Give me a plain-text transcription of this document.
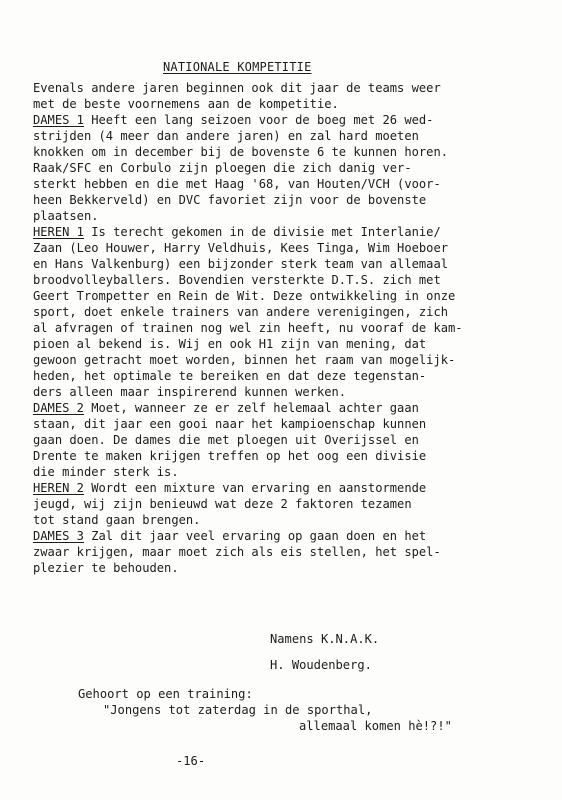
NATIONALE KOMPETITIE
Evenals andere jaren beginnen ook dit jaar de teams weer
met de beste voornemens aan de kompetitie.
DAMES 1 Heeft een lang seizoen voor de boeg met 26 wed-
strijden (4 meer dan andere jaren) en zal hard moeten
knokken om in december bij de bovenste 6 te kunnen horen.
Raak/SFC en Corbulo zijn ploegen die zich danig ver-
sterkt hebben en die met Haag '68, van Houten/VCH (voor-
heen Bekkerveld) en DVC favoriet zijn voor de bovenste
plaatsen.
HEREN 1 Is terecht gekomen in de divisie met Interlanie/
Zaan (Leo Houwer, Harry Veldhuis, Kees Tinga, Wim Hoeboer
en Hans Valkenburg) een bijzonder sterk team van allemaal
broodvolleyballers. Bovendien versterkte D.T.S. zich met
Geert Trompetter en Rein de Wit. Deze ontwikkeling in onze
sport, doet enkele trainers van andere verenigingen, zich
al afvragen of trainen nog wel zin heeft, nu vooraf de kam-
pioen al bekend is. Wij en ook H1 zijn van mening, dat
gewoon getracht moet worden, binnen het raam van mogelijk-
heden, het optimale te bereiken en dat deze tegenstan-
ders alleen maar inspirerend kunnen werken.
DAMES 2 Moet, wanneer ze er zelf helemaal achter gaan
staan, dit jaar een gooi naar het kampioenschap kunnen
gaan doen. De dames die met ploegen uit Overijssel en
Drente te maken krijgen treffen op het oog een divisie
die minder sterk is.
HEREN 2 Wordt een mixture van ervaring en aanstormende
jeugd, wij zijn benieuwd wat deze 2 faktoren tezamen
tot stand gaan brengen.
DAMES 3 Zal dit jaar veel ervaring op gaan doen en het
zwaar krijgen, maar moet zich als eis stellen, het spel-
plezier te behouden.
Namens K.N.A.K.
H. Woudenberg.
Gehoort op een training:
"Jongens tot zaterdag in de sporthal,
allemaal komen hè!?!"
-16-
